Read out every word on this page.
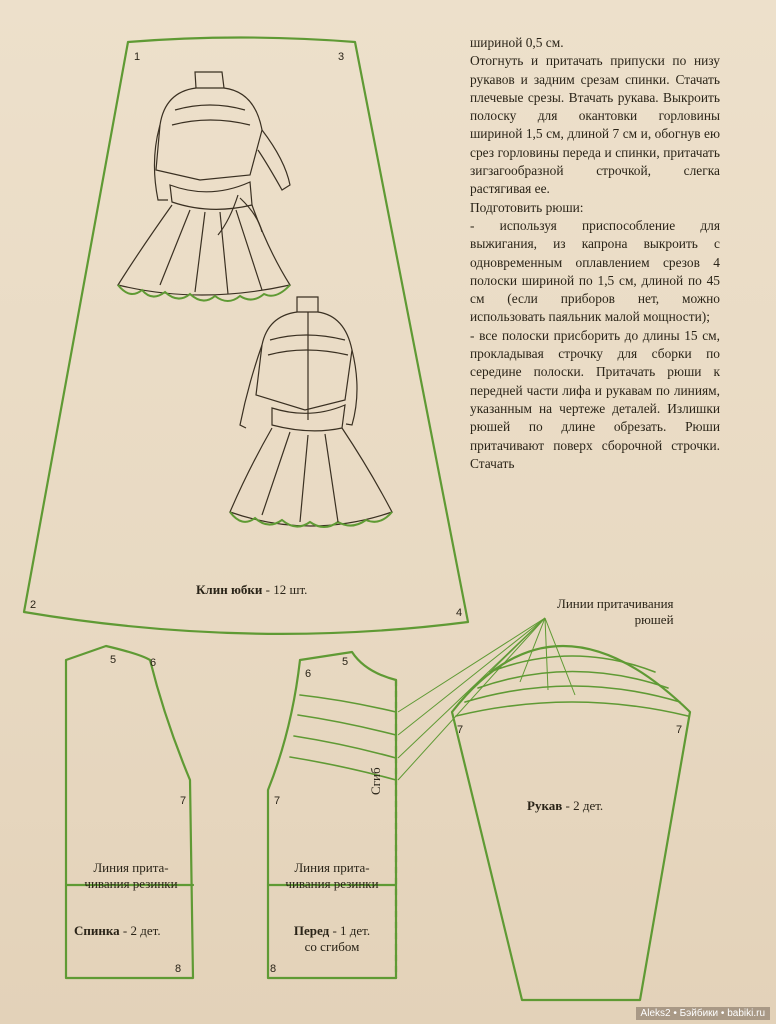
1	3
2
4
5	6
7
8
5
6
7
8
7	7

шириной 0,5 см.

Отогнуть и притачать припуски по низу рукавов и задним срезам спинки. Стачать плечевые срезы. Втачать рукава. Выкроить полоску для окантовки горловины шириной 1,5 см, длиной 7 см и, обогнув ею срез горловины переда и спинки, притачать зигзагообразной строчкой, слегка растягивая ее.

Подготовить рюши:

- используя приспособление для выжигания, из капрона выкроить с одновременным оплавлением срезов 4 полоски шириной по 1,5 см, длиной по 45 см (если приборов нет, можно использовать паяльник малой мощности);

- все полоски присборить до длины 15 см, прокладывая строчку для сборки по середине полоски. Притачать рюши к передней части лифа и рукавам по линиям, указанным на чертеже деталей. Излишки рюшей по длине обрезать. Рюши притачивают поверх сборочной строчки. Стачать

Клин юбки - 12 шт.
Линии притачивания
рюшей
Линия прита-
чивания резинки
Спинка - 2 дет.
Линия прита-
чивания резинки
Перед - 1 дет.
со сгибом
Сгиб
Рукав - 2 дет.
Aleks2 • Бэйбики • babiki.ru
